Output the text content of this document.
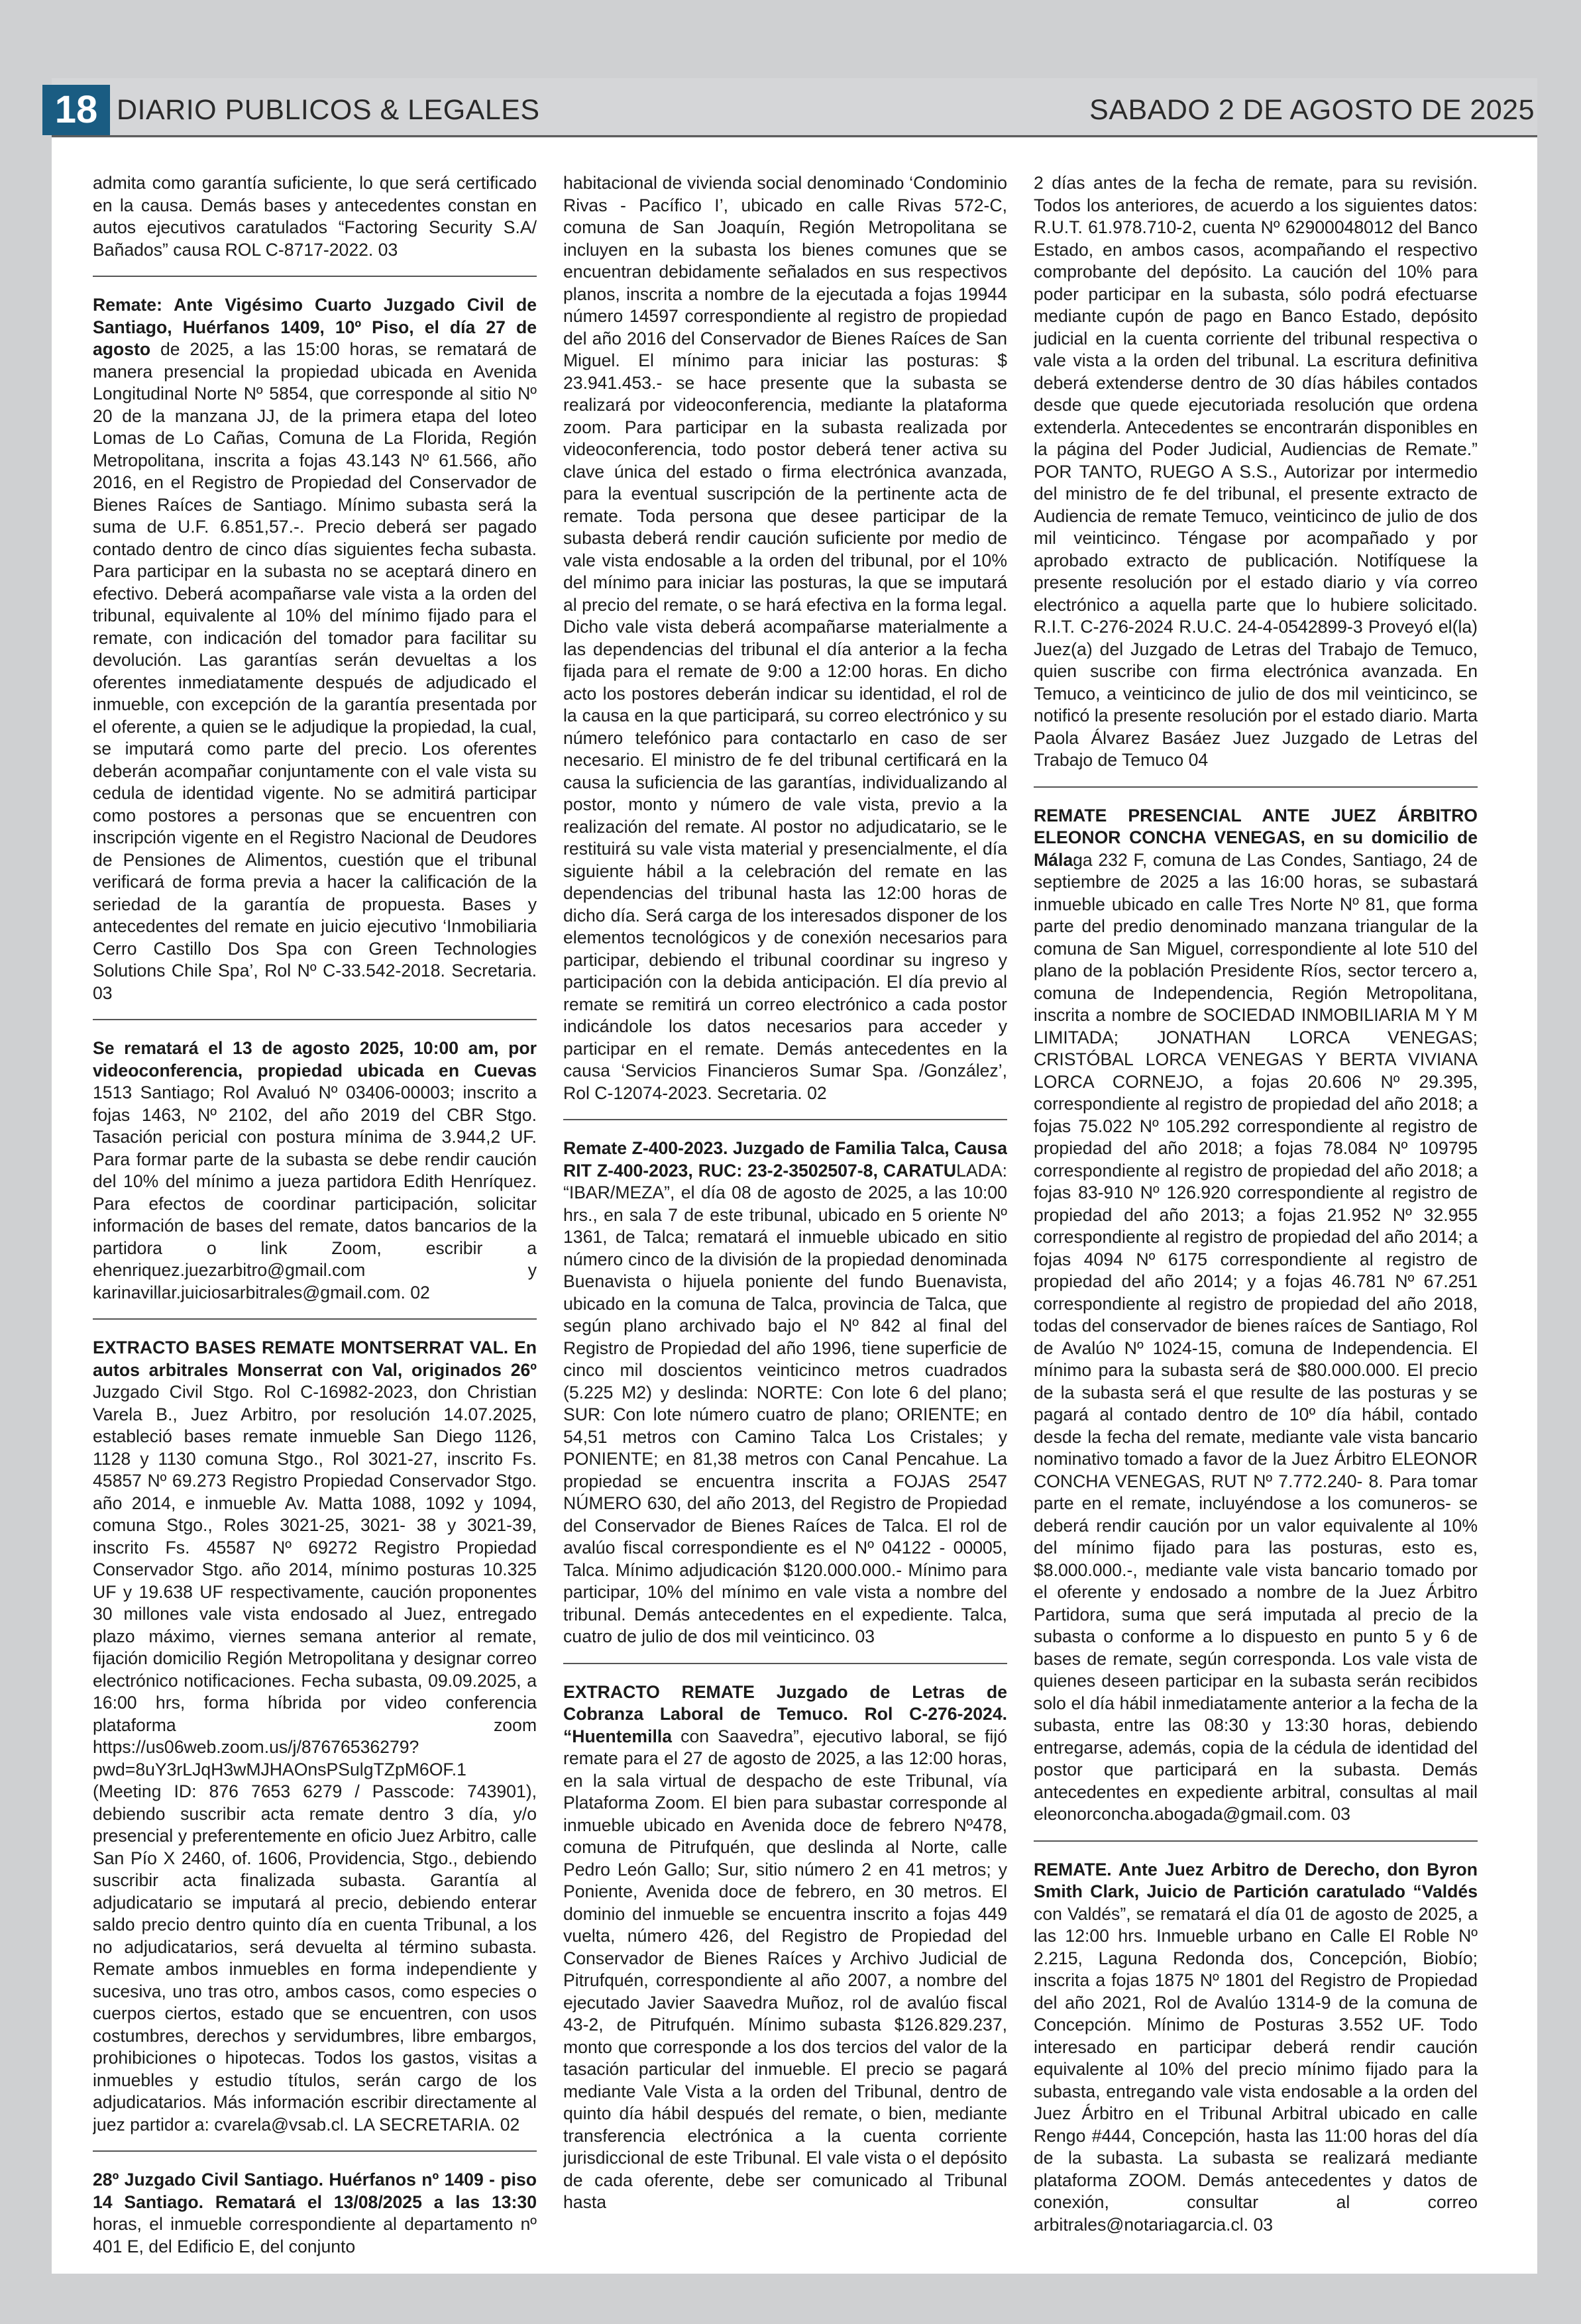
18 DIARIO PUBLICOS & LEGALES	SABADO 2 DE AGOSTO DE 2025

admita como garantía suficiente, lo que será certificado en la causa. Demás bases y antecedentes constan en autos ejecutivos caratulados “Factoring Security S.A/ Bañados” causa ROL C-8717-2022. 03

Remate: Ante Vigésimo Cuarto Juzgado Civil de Santiago, Huérfanos 1409, 10º Piso, el día 27 de agosto de 2025, a las 15:00 horas, se rematará de manera presencial la propiedad ubicada en Avenida Longitudinal Norte Nº 5854, que corresponde al sitio Nº 20 de la manzana JJ, de la primera etapa del loteo Lomas de Lo Cañas, Comuna de La Florida, Región Metropolitana, inscrita a fojas 43.143 Nº 61.566, año 2016, en el Registro de Propiedad del Conservador de Bienes Raíces de Santiago. Mínimo subasta será la suma de U.F. 6.851,57.-. Precio deberá ser pagado contado dentro de cinco días siguientes fecha subasta. Para participar en la subasta no se aceptará dinero en efectivo. Deberá acompañarse vale vista a la orden del tribunal, equivalente al 10% del mínimo fijado para el remate, con indicación del tomador para facilitar su devolución. Las garantías serán devueltas a los oferentes inmediatamente después de adjudicado el inmueble, con excepción de la garantía presentada por el oferente, a quien se le adjudique la propiedad, la cual, se imputará como parte del precio. Los oferentes deberán acompañar conjuntamente con el vale vista su cedula de identidad vigente. No se admitirá participar como postores a personas que se encuentren con inscripción vigente en el Registro Nacional de Deudores de Pensiones de Alimentos, cuestión que el tribunal verificará de forma previa a hacer la calificación de la seriedad de la garantía de propuesta. Bases y antecedentes del remate en juicio ejecutivo ‘Inmobiliaria Cerro Castillo Dos Spa con Green Technologies Solutions Chile Spa’, Rol Nº C-33.542-2018. Secretaria. 03

Se rematará el 13 de agosto 2025, 10:00 am, por videoconferencia, propiedad ubicada en Cuevas 1513 Santiago; Rol Avaluó Nº 03406-00003; inscrito a fojas 1463, Nº 2102, del año 2019 del CBR Stgo. Tasación pericial con postura mínima de 3.944,2 UF. Para formar parte de la subasta se debe rendir caución del 10% del mínimo a jueza partidora Edith Henríquez. Para efectos de coordinar participación, solicitar información de bases del remate, datos bancarios de la partidora o link Zoom, escribir a ehenriquez.juezarbitro@gmail.com y karinavillar.juiciosarbitrales@gmail.com. 02

EXTRACTO BASES REMATE MONTSERRAT VAL. En autos arbitrales Monserrat con Val, originados 26º Juzgado Civil Stgo. Rol C-16982-2023, don Christian Varela B., Juez Arbitro, por resolución 14.07.2025, estableció bases remate inmueble San Diego 1126, 1128 y 1130 comuna Stgo., Rol 3021-27, inscrito Fs. 45857 Nº 69.273 Registro Propiedad Conservador Stgo. año 2014, e inmueble Av. Matta 1088, 1092 y 1094, comuna Stgo., Roles 3021-25, 3021- 38 y 3021-39, inscrito Fs. 45587 Nº 69272 Registro Propiedad Conservador Stgo. año 2014, mínimo posturas 10.325 UF y 19.638 UF respectivamente, caución proponentes 30 millones vale vista endosado al Juez, entregado plazo máximo, viernes semana anterior al remate, fijación domicilio Región Metropolitana y designar correo electrónico notificaciones. Fecha subasta, 09.09.2025, a 16:00 hrs, forma híbrida por video conferencia plataforma zoom https://us06web.zoom.us/j/87676536279?pwd=8uY3rLJqH3wMJHAOnsPSulgTZpM6OF.1 (Meeting ID: 876 7653 6279 / Passcode: 743901), debiendo suscribir acta remate dentro 3 día, y/o presencial y preferentemente en oficio Juez Arbitro, calle San Pío X 2460, of. 1606, Providencia, Stgo., debiendo suscribir acta finalizada subasta. Garantía al adjudicatario se imputará al precio, debiendo enterar saldo precio dentro quinto día en cuenta Tribunal, a los no adjudicatarios, será devuelta al término subasta. Remate ambos inmuebles en forma independiente y sucesiva, uno tras otro, ambos casos, como especies o cuerpos ciertos, estado que se encuentren, con usos costumbres, derechos y servidumbres, libre embargos, prohibiciones o hipotecas. Todos los gastos, visitas a inmuebles y estudio títulos, serán cargo de los adjudicatarios. Más información escribir directamente al juez partidor a: cvarela@vsab.cl. LA SECRETARIA. 02

28º Juzgado Civil Santiago. Huérfanos nº 1409 - piso 14 Santiago. Rematará el 13/08/2025 a las 13:30 horas, el inmueble correspondiente al departamento nº 401 E, del Edificio E, del conjunto

habitacional de vivienda social denominado ‘Condominio Rivas - Pacífico I’, ubicado en calle Rivas 572-C, comuna de San Joaquín, Región Metropolitana se incluyen en la subasta los bienes comunes que se encuentran debidamente señalados en sus respectivos planos, inscrita a nombre de la ejecutada a fojas 19944 número 14597 correspondiente al registro de propiedad del año 2016 del Conservador de Bienes Raíces de San Miguel. El mínimo para iniciar las posturas: $ 23.941.453.- se hace presente que la subasta se realizará por videoconferencia, mediante la plataforma zoom. Para participar en la subasta realizada por videoconferencia, todo postor deberá tener activa su clave única del estado o firma electrónica avanzada, para la eventual suscripción de la pertinente acta de remate. Toda persona que desee participar de la subasta deberá rendir caución suficiente por medio de vale vista endosable a la orden del tribunal, por el 10% del mínimo para iniciar las posturas, la que se imputará al precio del remate, o se hará efectiva en la forma legal. Dicho vale vista deberá acompañarse materialmente a las dependencias del tribunal el día anterior a la fecha fijada para el remate de 9:00 a 12:00 horas. En dicho acto los postores deberán indicar su identidad, el rol de la causa en la que participará, su correo electrónico y su número telefónico para contactarlo en caso de ser necesario. El ministro de fe del tribunal certificará en la causa la suficiencia de las garantías, individualizando al postor, monto y número de vale vista, previo a la realización del remate. Al postor no adjudicatario, se le restituirá su vale vista material y presencialmente, el día siguiente hábil a la celebración del remate en las dependencias del tribunal hasta las 12:00 horas de dicho día. Será carga de los interesados disponer de los elementos tecnológicos y de conexión necesarios para participar, debiendo el tribunal coordinar su ingreso y participación con la debida anticipación. El día previo al remate se remitirá un correo electrónico a cada postor indicándole los datos necesarios para acceder y participar en el remate. Demás antecedentes en la causa ‘Servicios Financieros Sumar Spa. /González’, Rol C-12074-2023. Secretaria. 02

Remate Z-400-2023. Juzgado de Familia Talca, Causa RIT Z-400-2023, RUC: 23-2-3502507-8, CARATULADA: “IBAR/MEZA”, el día 08 de agosto de 2025, a las 10:00 hrs., en sala 7 de este tribunal, ubicado en 5 oriente Nº 1361, de Talca; rematará el inmueble ubicado en sitio número cinco de la división de la propiedad denominada Buenavista o hijuela poniente del fundo Buenavista, ubicado en la comuna de Talca, provincia de Talca, que según plano archivado bajo el Nº 842 al final del Registro de Propiedad del año 1996, tiene superficie de cinco mil doscientos veinticinco metros cuadrados (5.225 M2) y deslinda: NORTE: Con lote 6 del plano; SUR: Con lote número cuatro de plano; ORIENTE; en 54,51 metros con Camino Talca Los Cristales; y PONIENTE; en 81,38 metros con Canal Pencahue. La propiedad se encuentra inscrita a FOJAS 2547 NÚMERO 630, del año 2013, del Registro de Propiedad del Conservador de Bienes Raíces de Talca. El rol de avalúo fiscal correspondiente es el Nº 04122 - 00005, Talca. Mínimo adjudicación $120.000.000.- Mínimo para participar, 10% del mínimo en vale vista a nombre del tribunal. Demás antecedentes en el expediente. Talca, cuatro de julio de dos mil veinticinco. 03

EXTRACTO REMATE Juzgado de Letras de Cobranza Laboral de Temuco. Rol C-276-2024. “Huentemilla con Saavedra”, ejecutivo laboral, se fijó remate para el 27 de agosto de 2025, a las 12:00 horas, en la sala virtual de despacho de este Tribunal, vía Plataforma Zoom. El bien para subastar corresponde al inmueble ubicado en Avenida doce de febrero Nº478, comuna de Pitrufquén, que deslinda al Norte, calle Pedro León Gallo; Sur, sitio número 2 en 41 metros; y Poniente, Avenida doce de febrero, en 30 metros. El dominio del inmueble se encuentra inscrito a fojas 449 vuelta, número 426, del Registro de Propiedad del Conservador de Bienes Raíces y Archivo Judicial de Pitrufquén, correspondiente al año 2007, a nombre del ejecutado Javier Saavedra Muñoz, rol de avalúo fiscal 43-2, de Pitrufquén. Mínimo subasta $126.829.237, monto que corresponde a los dos tercios del valor de la tasación particular del inmueble. El precio se pagará mediante Vale Vista a la orden del Tribunal, dentro de quinto día hábil después del remate, o bien, mediante transferencia electrónica a la cuenta corriente jurisdiccional de este Tribunal. El vale vista o el depósito de cada oferente, debe ser comunicado al Tribunal hasta

2 días antes de la fecha de remate, para su revisión. Todos los anteriores, de acuerdo a los siguientes datos: R.U.T. 61.978.710-2, cuenta Nº 62900048012 del Banco Estado, en ambos casos, acompañando el respectivo comprobante del depósito. La caución del 10% para poder participar en la subasta, sólo podrá efectuarse mediante cupón de pago en Banco Estado, depósito judicial en la cuenta corriente del tribunal respectiva o vale vista a la orden del tribunal. La escritura definitiva deberá extenderse dentro de 30 días hábiles contados desde que quede ejecutoriada resolución que ordena extenderla. Antecedentes se encontrarán disponibles en la página del Poder Judicial, Audiencias de Remate.” POR TANTO, RUEGO A S.S., Autorizar por intermedio del ministro de fe del tribunal, el presente extracto de Audiencia de remate Temuco, veinticinco de julio de dos mil veinticinco. Téngase por acompañado y por aprobado extracto de publicación. Notifíquese la presente resolución por el estado diario y vía correo electrónico a aquella parte que lo hubiere solicitado. R.I.T. C-276-2024 R.U.C. 24-4-0542899-3 Proveyó el(la) Juez(a) del Juzgado de Letras del Trabajo de Temuco, quien suscribe con firma electrónica avanzada. En Temuco, a veinticinco de julio de dos mil veinticinco, se notificó la presente resolución por el estado diario. Marta Paola Álvarez Basáez Juez Juzgado de Letras del Trabajo de Temuco 04

REMATE PRESENCIAL ANTE JUEZ ÁRBITRO ELEONOR CONCHA VENEGAS, en su domicilio de Málaga 232 F, comuna de Las Condes, Santiago, 24 de septiembre de 2025 a las 16:00 horas, se subastará inmueble ubicado en calle Tres Norte Nº 81, que forma parte del predio denominado manzana triangular de la comuna de San Miguel, correspondiente al lote 510 del plano de la población Presidente Ríos, sector tercero a, comuna de Independencia, Región Metropolitana, inscrita a nombre de SOCIEDAD INMOBILIARIA M Y M LIMITADA; JONATHAN LORCA VENEGAS; CRISTÓBAL LORCA VENEGAS Y BERTA VIVIANA LORCA CORNEJO, a fojas 20.606 Nº 29.395, correspondiente al registro de propiedad del año 2018; a fojas 75.022 Nº 105.292 correspondiente al registro de propiedad del año 2018; a fojas 78.084 Nº 109795 correspondiente al registro de propiedad del año 2018; a fojas 83-910 Nº 126.920 correspondiente al registro de propiedad del año 2013; a fojas 21.952 Nº 32.955 correspondiente al registro de propiedad del año 2014; a fojas 4094 Nº 6175 correspondiente al registro de propiedad del año 2014; y a fojas 46.781 Nº 67.251 correspondiente al registro de propiedad del año 2018, todas del conservador de bienes raíces de Santiago, Rol de Avalúo Nº 1024-15, comuna de Independencia. El mínimo para la subasta será de $80.000.000. El precio de la subasta será el que resulte de las posturas y se pagará al contado dentro de 10º día hábil, contado desde la fecha del remate, mediante vale vista bancario nominativo tomado a favor de la Juez Árbitro ELEONOR CONCHA VENEGAS, RUT Nº 7.772.240- 8. Para tomar parte en el remate, incluyéndose a los comuneros- se deberá rendir caución por un valor equivalente al 10% del mínimo fijado para las posturas, esto es, $8.000.000.-, mediante vale vista bancario tomado por el oferente y endosado a nombre de la Juez Árbitro Partidora, suma que será imputada al precio de la subasta o conforme a lo dispuesto en punto 5 y 6 de bases de remate, según corresponda. Los vale vista de quienes deseen participar en la subasta serán recibidos solo el día hábil inmediatamente anterior a la fecha de la subasta, entre las 08:30 y 13:30 horas, debiendo entregarse, además, copia de la cédula de identidad del postor que participará en la subasta. Demás antecedentes en expediente arbitral, consultas al mail eleonorconcha.abogada@gmail.com. 03

REMATE. Ante Juez Arbitro de Derecho, don Byron Smith Clark, Juicio de Partición caratulado “Valdés con Valdés”, se rematará el día 01 de agosto de 2025, a las 12:00 hrs. Inmueble urbano en Calle El Roble Nº 2.215, Laguna Redonda dos, Concepción, Biobío; inscrita a fojas 1875 Nº 1801 del Registro de Propiedad del año 2021, Rol de Avalúo 1314-9 de la comuna de Concepción. Mínimo de Posturas 3.552 UF. Todo interesado en participar deberá rendir caución equivalente al 10% del precio mínimo fijado para la subasta, entregando vale vista endosable a la orden del Juez Árbitro en el Tribunal Arbitral ubicado en calle Rengo #444, Concepción, hasta las 11:00 horas del día de la subasta. La subasta se realizará mediante plataforma ZOOM. Demás antecedentes y datos de conexión, consultar al correo arbitrales@notariagarcia.cl. 03
